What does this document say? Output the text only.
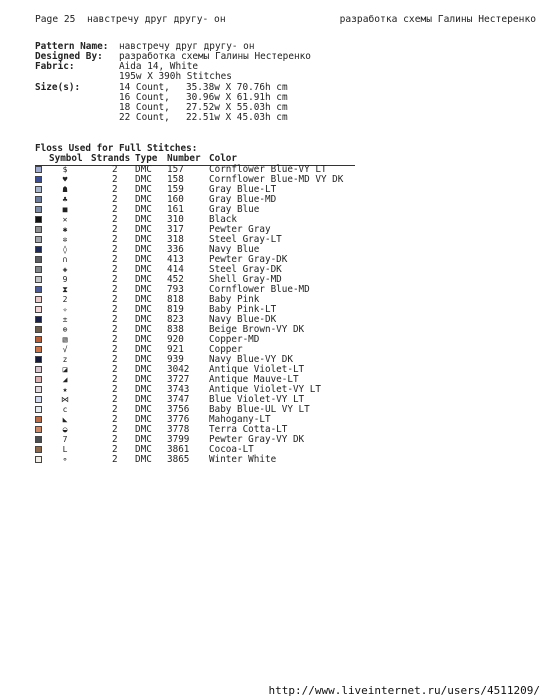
Page 25  навстречу друг другу- он	разработка схемы Галины Нестеренко
Pattern Name: навстречу друг другу- он
Designed By: разработка схемы Галины Нестеренко
Fabric:	Aida 14, White
195w X 390h Stitches
Size(s):	14 Count, 35.38w X 70.76h cm
16 Count, 30.96w X 61.91h cm
18 Count, 27.52w X 55.03h cm
22 Count, 22.51w X 45.03h cm
Floss Used for Full Stitches:
Symbol Strands Type Number Color
$	2 DMC 157	Cornflower Blue-VY LT
♥	2 DMC 158	Cornflower Blue-MD VY DK
☗	2 DMC 159	Gray Blue-LT
♣	2 DMC 160	Gray Blue-MD
■	2 DMC 161	Gray Blue
✕	2 DMC 310	Black
✱	2 DMC 317	Pewter Gray
✲	2 DMC 318	Steel Gray-LT
◊	2 DMC 336	Navy Blue
∩	2 DMC 413	Pewter Gray-DK
◈	2 DMC 414	Steel Gray-DK
9	2 DMC 452	Shell Gray-MD
⧗	2 DMC 793	Cornflower Blue-MD
2	2 DMC 818	Baby Pink
✧	2 DMC 819	Baby Pink-LT
±	2 DMC 823	Navy Blue-DK
⊕	2 DMC 838	Beige Brown-VY DK
▧	2 DMC 920	Copper-MD
√	2 DMC 921	Copper
z	2 DMC 939	Navy Blue-VY DK
◪	2 DMC 3042 Antique Violet-LT
◢	2 DMC 3727 Antique Mauve-LT
★	2 DMC 3743 Antique Violet-VY LT
⋈	2 DMC 3747 Blue Violet-VY LT
c	2 DMC 3756 Baby Blue-UL VY LT
◣	2 DMC 3776 Mahogany-LT
◒	2 DMC 3778 Terra Cotta-LT
7	2 DMC 3799 Pewter Gray-VY DK
L	2 DMC 3861 Cocoa-LT
⚬	2 DMC 3865 Winter White
http://www.liveinternet.ru/users/4511209/
